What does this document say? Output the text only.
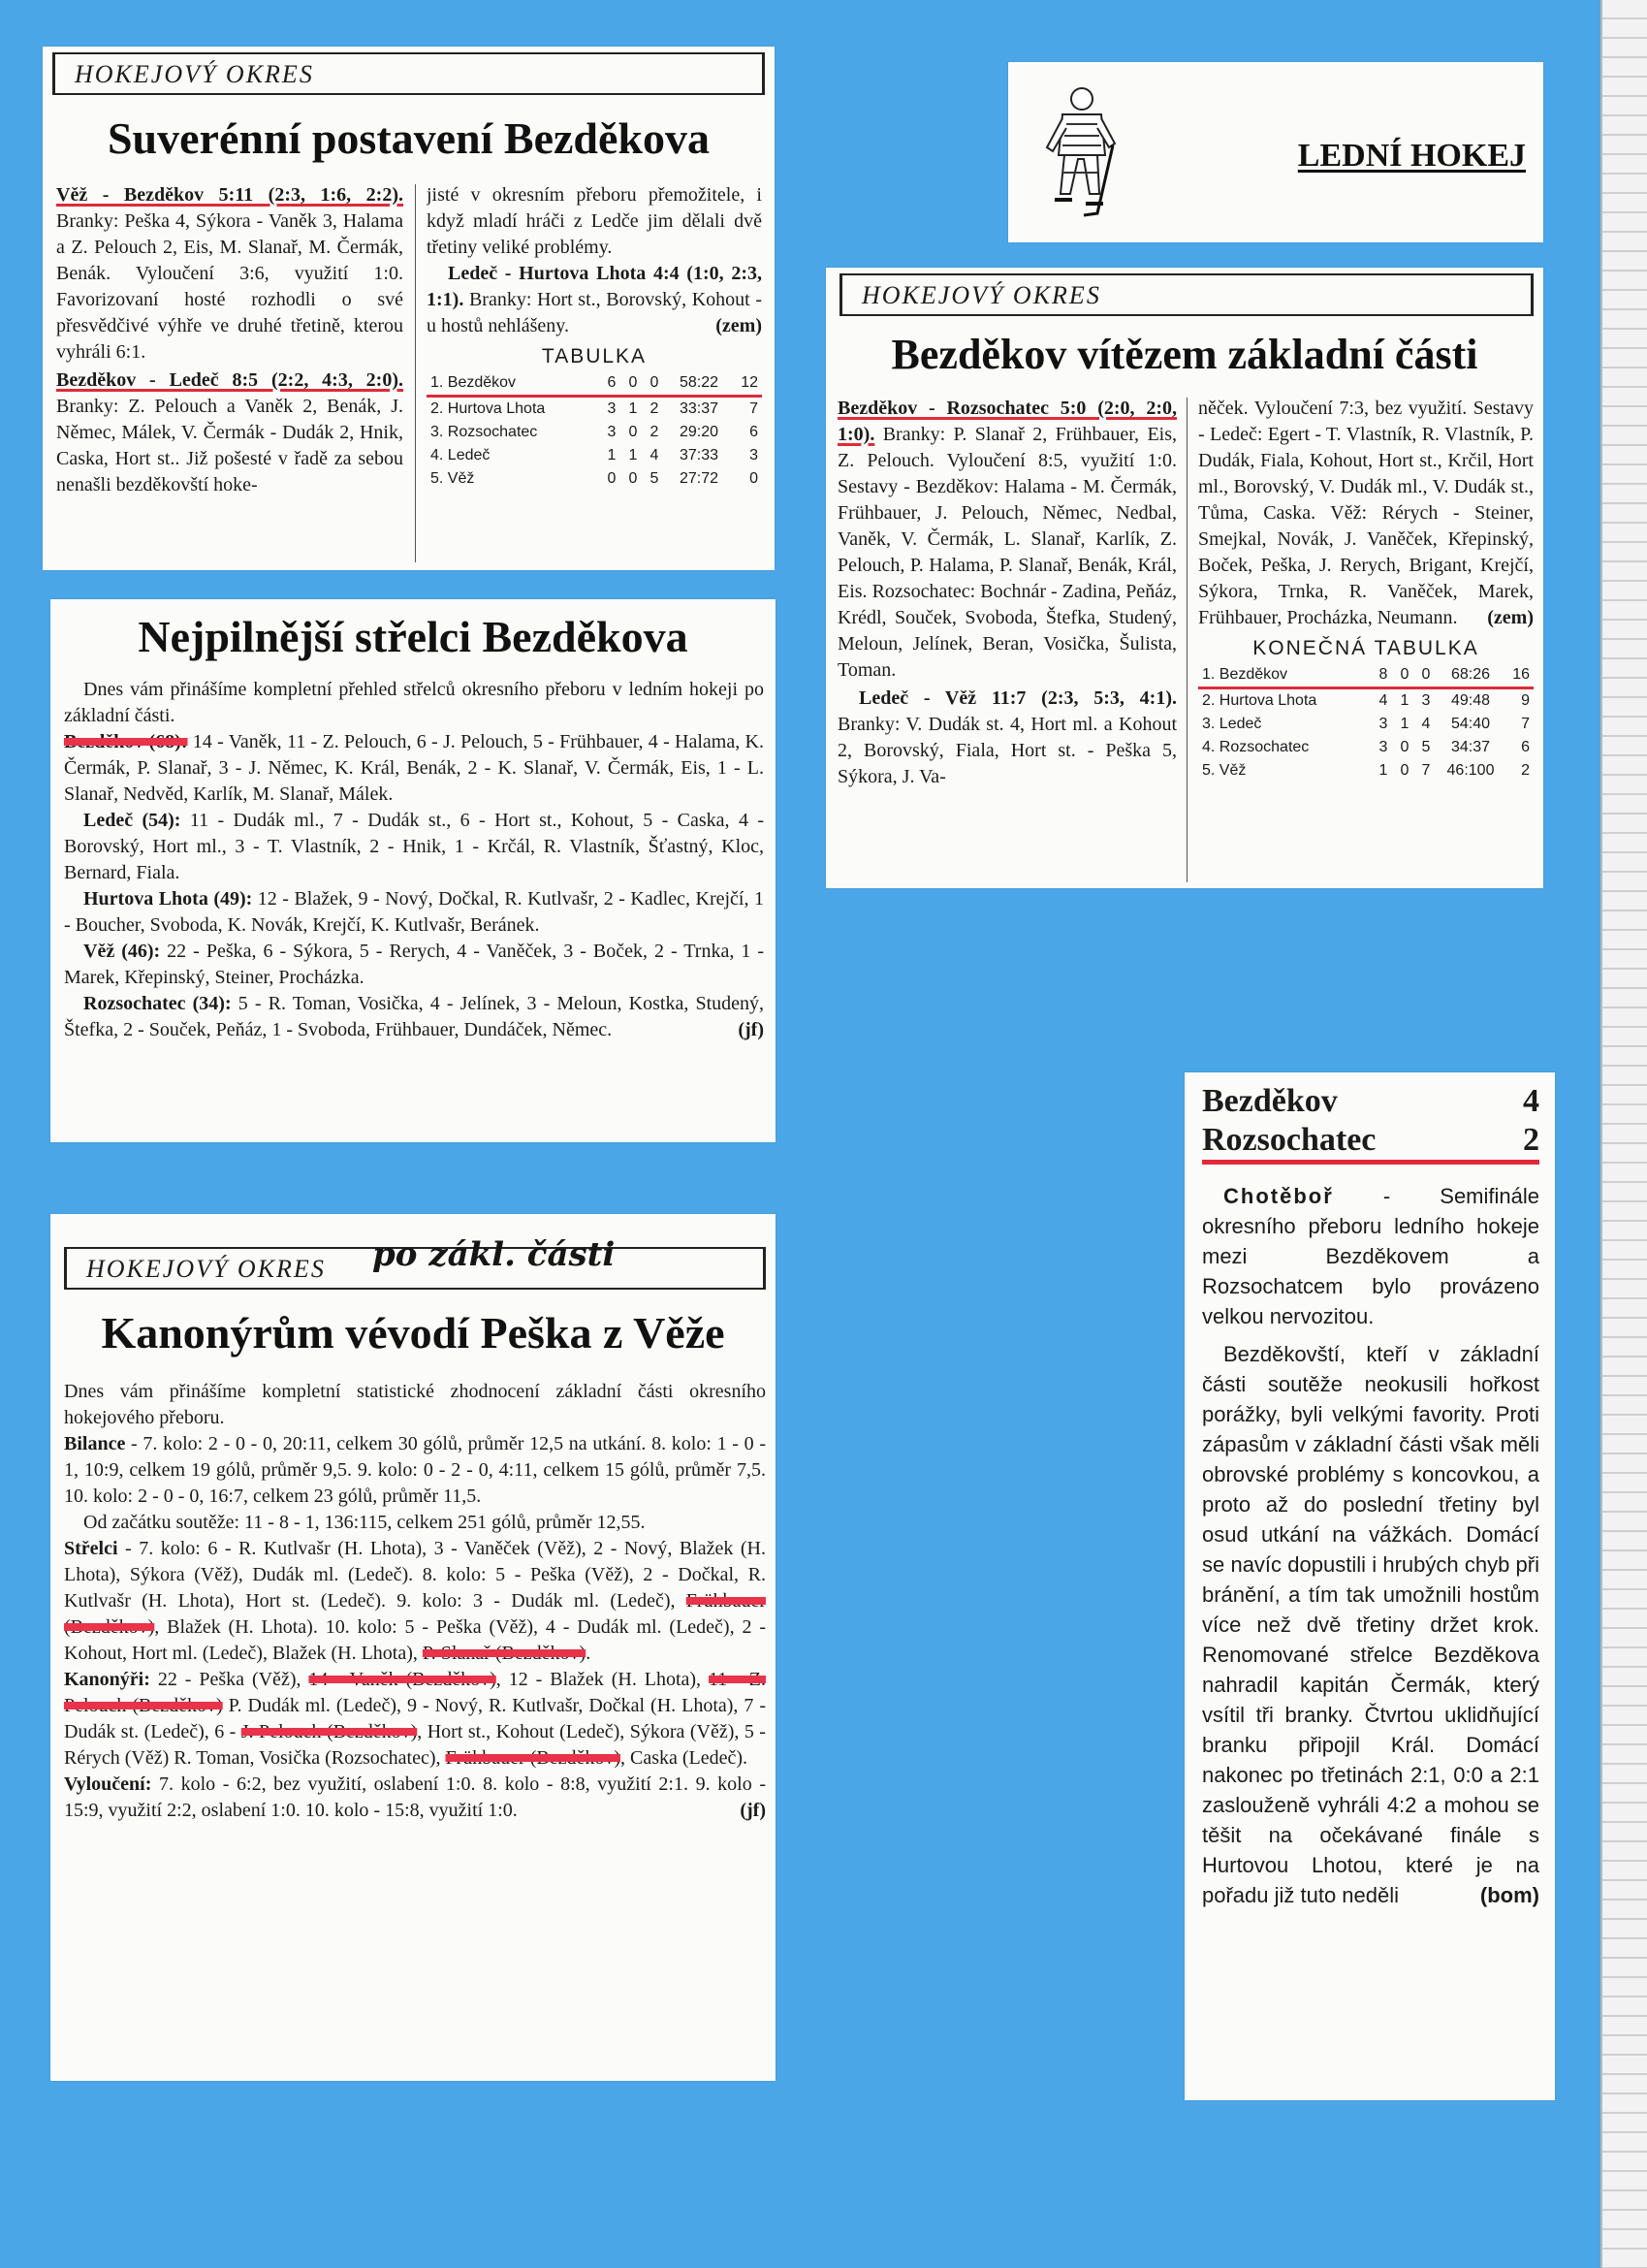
HOKEJOVÝ OKRES
Suverénní postavení Bezděkova

Věž - Bezděkov 5:11 (2:3, 1:6, 2:2). Branky: Peška 4, Sýkora - Vaněk 3, Halama a Z. Pelouch 2, Eis, M. Slanař, M. Čermák, Benák. Vyloučení 3:6, využití 1:0. Favorizovaní hosté rozhodli o své přesvědčivé výhře ve druhé třetině, kterou vyhráli 6:1.

Bezděkov - Ledeč 8:5 (2:2, 4:3, 2:0). Branky: Z. Pelouch a Vaněk 2, Benák, J. Němec, Málek, V. Čermák - Dudák 2, Hnik, Caska, Hort st.. Již pošesté v řadě za sebou nenašli bezděkovští hoke-

jisté v okresním přeboru přemožitele, i když mladí hráči z Ledče jim dělali dvě třetiny veliké problémy.

Ledeč - Hurtova Lhota 4:4 (1:0, 2:3, 1:1). Branky: Hort st., Borovský, Kohout - u hostů nehlášeny.	(zem)

TABULKA
1. Bezděkov	6	0	0	58:22	12
2. Hurtova Lhota	3	1	2	33:37	7
3. Rozsochatec	3	0	2	29:20	6
4. Ledeč	1	1	4	37:33	3
5. Věž	0	0	5	27:72	0
LEDNÍ HOKEJ
HOKEJOVÝ OKRES
Bezděkov vítězem základní části

Bezděkov - Rozsochatec 5:0 (2:0, 2:0, 1:0). Branky: P. Slanař 2, Frühbauer, Eis, Z. Pelouch. Vyloučení 8:5, využití 1:0. Sestavy - Bezděkov: Halama - M. Čermák, Frühbauer, J. Pelouch, Němec, Nedbal, Vaněk, V. Čermák, L. Slanař, Karlík, Z. Pelouch, P. Halama, P. Slanař, Benák, Král, Eis. Rozsochatec: Bochnár - Zadina, Peňáz, Krédl, Souček, Svoboda, Štefka, Studený, Meloun, Jelínek, Beran, Vosička, Šulista, Toman.

Ledeč - Věž 11:7 (2:3, 5:3, 4:1). Branky: V. Dudák st. 4, Hort ml. a Kohout 2, Borovský, Fiala, Hort st. - Peška 5, Sýkora, J. Va-

něček. Vyloučení 7:3, bez využití. Sestavy - Ledeč: Egert - T. Vlastník, R. Vlastník, P. Dudák, Fiala, Kohout, Hort st., Krčil, Hort ml., Borovský, V. Dudák ml., V. Dudák st., Tůma, Caska. Věž: Rérych - Steiner, Smejkal, Novák, J. Vaněček, Křepinský, Boček, Peška, J. Rerych, Brigant, Krejčí, Sýkora, Trnka, R. Vaněček, Marek, Frühbauer, Procházka, Neumann. (zem)

KONEČNÁ TABULKA
1. Bezděkov	8	0	0	68:26	16
2. Hurtova Lhota	4	1	3	49:48	9
3. Ledeč	3	1	4	54:40	7
4. Rozsochatec	3	0	5	34:37	6
5. Věž	1	0	7	46:100	2
Nejpilnější střelci Bezděkova

Dnes vám přinášíme kompletní přehled střelců okresního přeboru v ledním hokeji po základní části.

Bezděkov (68): 14 - Vaněk, 11 - Z. Pelouch, 6 - J. Pelouch, 5 - Frühbauer, 4 - Halama, K. Čermák, P. Slanař, 3 - J. Němec, K. Král, Benák, 2 - K. Slanař, V. Čermák, Eis, 1 - L. Slanař, Nedvěd, Karlík, M. Slanař, Málek.

Ledeč (54): 11 - Dudák ml., 7 - Dudák st., 6 - Hort st., Kohout, 5 - Caska, 4 - Borovský, Hort ml., 3 - T. Vlastník, 2 - Hnik, 1 - Krčál, R. Vlastník, Šťastný, Kloc, Bernard, Fiala.

Hurtova Lhota (49): 12 - Blažek, 9 - Nový, Dočkal, R. Kutlvašr, 2 - Kadlec, Krejčí, 1 - Boucher, Svoboda, K. Novák, Krejčí, K. Kutlvašr, Beránek.

Věž (46): 22 - Peška, 6 - Sýkora, 5 - Rerych, 4 - Vaněček, 3 - Boček, 2 - Trnka, 1 - Marek, Křepinský, Steiner, Procházka.

Rozsochatec (34): 5 - R. Toman, Vosička, 4 - Jelínek, 3 - Meloun, Kostka, Studený, Štefka, 2 - Souček, Peňáz, 1 - Svoboda, Frühbauer, Dundáček, Němec.	(jf)

HOKEJOVÝ OKRES	po zákl. části
Kanonýrům vévodí Peška z Věže

Dnes vám přinášíme kompletní statistické zhodnocení základní části okresního hokejového přeboru.

Bilance - 7. kolo: 2 - 0 - 0, 20:11, celkem 30 gólů, průměr 12,5 na utkání. 8. kolo: 1 - 0 - 1, 10:9, celkem 19 gólů, průměr 9,5. 9. kolo: 0 - 2 - 0, 4:11, celkem 15 gólů, průměr 7,5. 10. kolo: 2 - 0 - 0, 16:7, celkem 23 gólů, průměr 11,5.

Od začátku soutěže: 11 - 8 - 1, 136:115, celkem 251 gólů, průměr 12,55.

Střelci - 7. kolo: 6 - R. Kutlvašr (H. Lhota), 3 - Vaněček (Věž), 2 - Nový, Blažek (H. Lhota), Sýkora (Věž), Dudák ml. (Ledeč). 8. kolo: 5 - Peška (Věž), 2 - Dočkal, R. Kutlvašr (H. Lhota), Hort st. (Ledeč). 9. kolo: 3 - Dudák ml. (Ledeč), Frühbauer (Bezděkov), Blažek (H. Lhota). 10. kolo: 5 - Peška (Věž), 4 - Dudák ml. (Ledeč), 2 - Kohout, Hort ml. (Ledeč), Blažek (H. Lhota), P. Slanař (Bezděkov).

Kanonýři: 22 - Peška (Věž), 14 - Vaněk (Bezděkov), 12 - Blažek (H. Lhota), 11 - Z. Pelouch (Bezděkov) P. Dudák ml. (Ledeč), 9 - Nový, R. Kutlvašr, Dočkal (H. Lhota), 7 - Dudák st. (Ledeč), 6 - J. Pelouch (Bezděkov), Hort st., Kohout (Ledeč), Sýkora (Věž), 5 - Rérych (Věž) R. Toman, Vosička (Rozsochatec), Frühbauer (Bezděkov), Caska (Ledeč).

Vyloučení: 7. kolo - 6:2, bez využití, oslabení 1:0. 8. kolo - 8:8, využití 2:1. 9. kolo - 15:9, využití 2:2, oslabení 1:0. 10. kolo - 15:8, využití 1:0.	(jf)

Bezděkov	4
Rozsochatec	2

Chotěboř - Semifinále okresního přeboru ledního hokeje mezi Bezděkovem a Rozsochatcem bylo provázeno velkou nervozitou.

Bezděkovští, kteří v základní části soutěže neokusili hořkost porážky, byli velkými favority. Proti zápasům v základní části však měli obrovské problémy s koncovkou, a proto až do poslední třetiny byl osud utkání na vážkách. Domácí se navíc dopustili i hrubých chyb při bránění, a tím tak umožnili hostům více než dvě třetiny držet krok. Renomované střelce Bezděkova nahradil kapitán Čermák, který vsítil tři branky. Čtvrtou uklidňující branku připojil Král. Domácí nakonec po třetinách 2:1, 0:0 a 2:1 zaslouženě vyhráli 4:2 a mohou se těšit na očekávané finále s Hurtovou Lhotou, které je na pořadu již tuto neděli	(bom)
